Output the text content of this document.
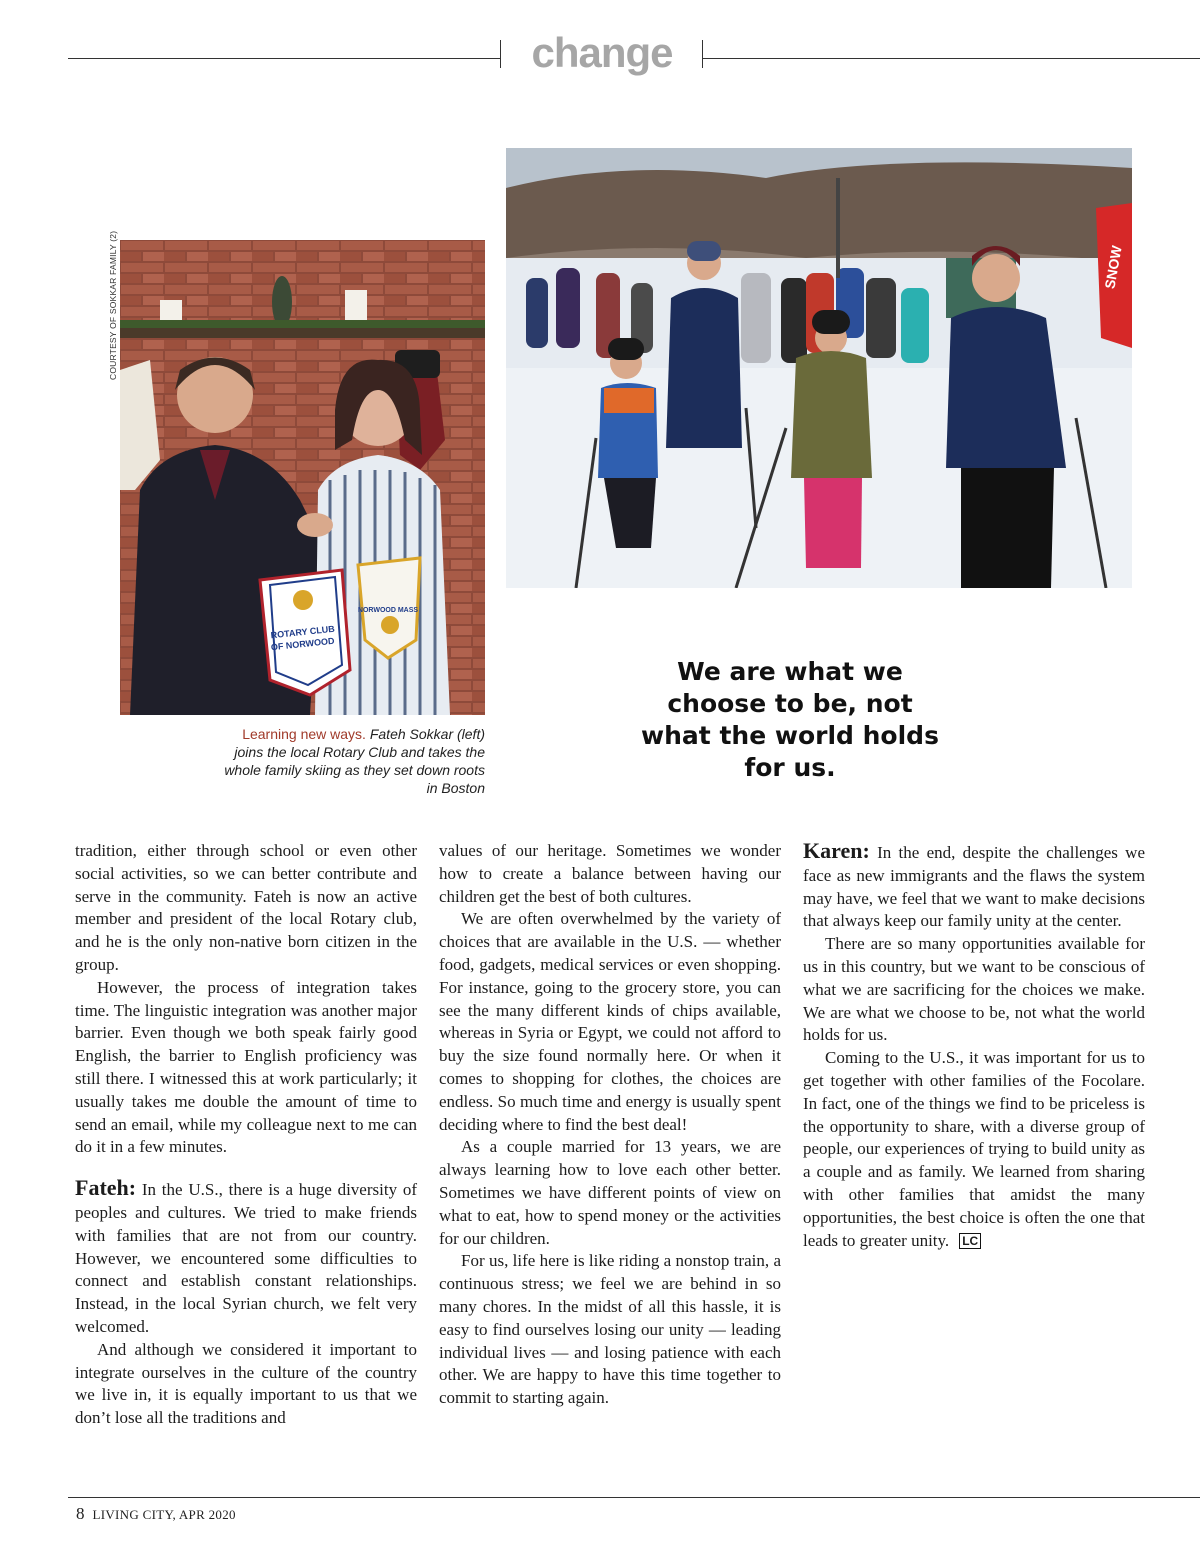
change
COURTESY OF SOKKAR FAMILY (2)
ROTARY CLUB
OF NORWOOD
NORWOOD MASS
SNOW
Learning new ways. Fateh Sokkar (left) joins the local Rotary Club and takes the whole family skiing as they set down roots in Boston
We are what we choose to be, not what the world holds for us.

tradition, either through school or even other social activities, so we can better contribute and serve in the community. Fateh is now an active member and president of the local Rotary club, and he is the only non-native born citizen in the group.

However, the process of integration takes time. The linguistic integration was another major barrier. Even though we both speak fairly good English, the barrier to English proficiency was still there. I witnessed this at work particularly; it usually takes me double the amount of time to send an email, while my colleague next to me can do it in a few minutes.

Fateh: In the U.S., there is a huge diversity of peoples and cultures. We tried to make friends with families that are not from our country. However, we encountered some difficulties to connect and establish constant relationships. Instead, in the local Syrian church, we felt very welcomed.

And although we considered it important to integrate ourselves in the culture of the country we live in, it is equally important to us that we don’t lose all the traditions and

values of our heritage. Sometimes we wonder how to create a balance between having our children get the best of both cultures.

We are often overwhelmed by the variety of choices that are available in the U.S. — whether food, gadgets, medical services or even shopping. For instance, going to the grocery store, you can see the many different kinds of chips available, whereas in Syria or Egypt, we could not afford to buy the size found normally here. Or when it comes to shopping for clothes, the choices are endless. So much time and energy is usually spent deciding where to find the best deal!

As a couple married for 13 years, we are always learning how to love each other better. Sometimes we have different points of view on what to eat, how to spend money or the activities for our children.

For us, life here is like riding a nonstop train, a continuous stress; we feel we are behind in so many chores. In the midst of all this hassle, it is easy to find ourselves losing our unity — leading individual lives — and losing patience with each other. We are happy to have this time together to commit to starting again.

Karen: In the end, despite the challenges we face as new immigrants and the flaws the system may have, we feel that we want to make decisions that always keep our family unity at the center.

There are so many opportunities available for us in this country, but we want to be conscious of what we are sacrificing for the choices we make. We are what we choose to be, not what the world holds for us.

Coming to the U.S., it was important for us to get together with other families of the Focolare. In fact, one of the things we find to be priceless is the opportunity to share, with a diverse group of people, our experiences of trying to build unity as a couple and as family. We learned from sharing with other families that amidst the many opportunities, the best choice is often the one that leads to greater unity. LC

8 LIVING CITY, APR 2020
